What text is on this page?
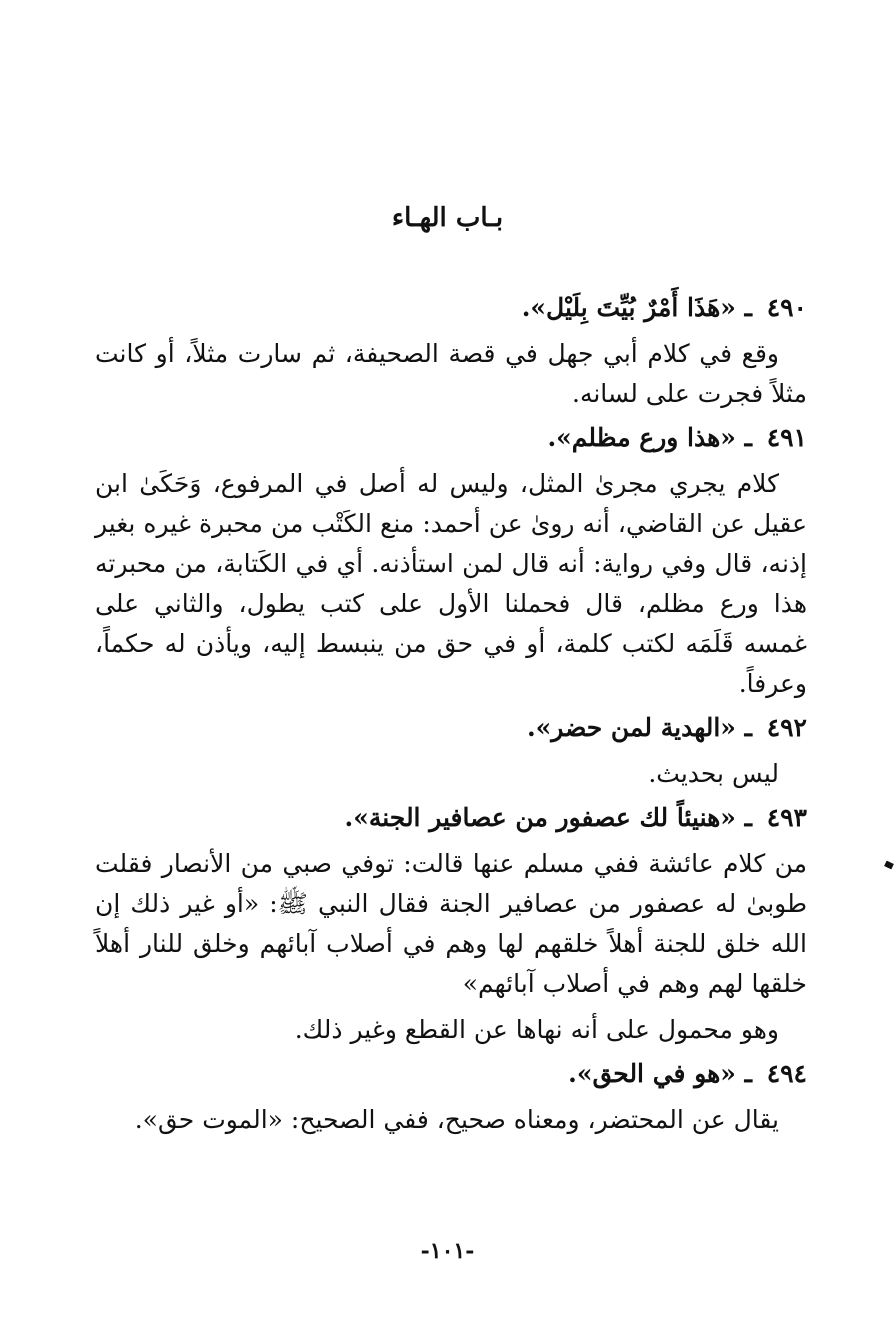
بـاب الهـاء
٤٩٠ ـ «هَذَا أَمْرٌ بُيِّتَ بِلَيْل».

وقع في كلام أبي جهل في قصة الصحيفة، ثم سارت مثلاً، أو كانت مثلاً فجرت على لسانه.

٤٩١ ـ «هذا ورع مظلم».

كلام يجري مجرىٰ المثل، وليس له أصل في المرفوع، وَحَكَىٰ ابن عقيل عن القاضي، أنه روىٰ عن أحمد: منع الكَتْب من محبرة غيره بغير إذنه، قال وفي رواية: أنه قال لمن استأذنه. أي في الكَتابة، من محبرته هذا ورع مظلم، قال فحملنا الأول على كتب يطول، والثاني على غمسه قَلَمَه لكتب كلمة، أو في حق من ينبسط إليه، ويأذن له حكماً، وعرفاً.

٤٩٢ ـ «الهدية لمن حضر».

ليس بحديث.

٤٩٣ ـ «هنيئاً لك عصفور من عصافير الجنة».

من كلام عائشة ففي مسلم عنها قالت: توفي صبي من الأنصار فقلت طوبىٰ له عصفور من عصافير الجنة فقال النبي ﷺ: «أو غير ذلك إن الله خلق للجنة أهلاً خلقهم لها وهم في أصلاب آبائهم وخلق للنار أهلاً خلقها لهم وهم في أصلاب آبائهم»

وهو محمول على أنه نهاها عن القطع وغير ذلك.

٤٩٤ ـ «هو في الحق».

يقال عن المحتضر، ومعناه صحيح، ففي الصحيح: «الموت حق».

-١٠١-
